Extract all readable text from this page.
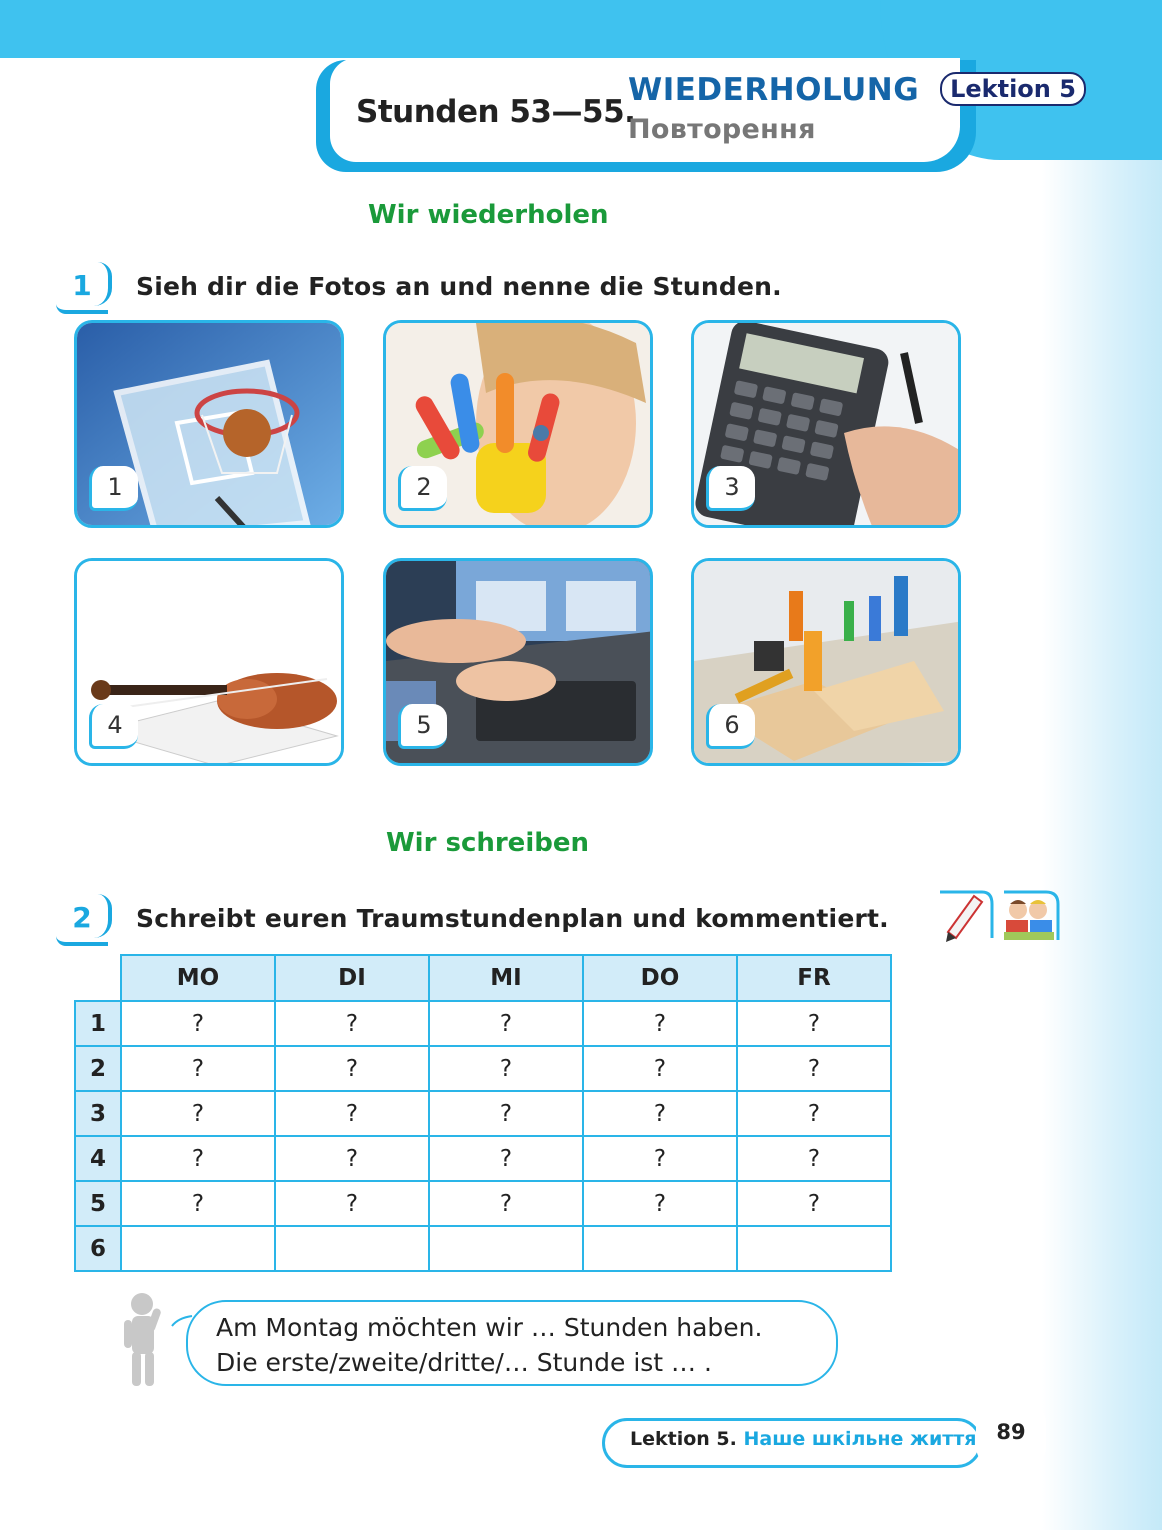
Stunden 53—55.
WIEDERHOLUNG
Повторення
Lektion 5
Wir wiederholen
1	Sieh dir die Fotos an und nenne die Stunden.
1	2	3
4	5	6
Wir schreiben
2	Schreibt euren Traumstundenplan und kommentiert.
	MO	DI	MI	DO	FR
1	?	?	?	?	?
2	?	?	?	?	?
3	?	?	?	?	?
4	?	?	?	?	?
5	?	?	?	?	?
6					
Am Montag möchten wir … Stunden haben.
Die erste/zweite/dritte/… Stunde ist … .
Lektion 5. Наше шкільне життя 89
